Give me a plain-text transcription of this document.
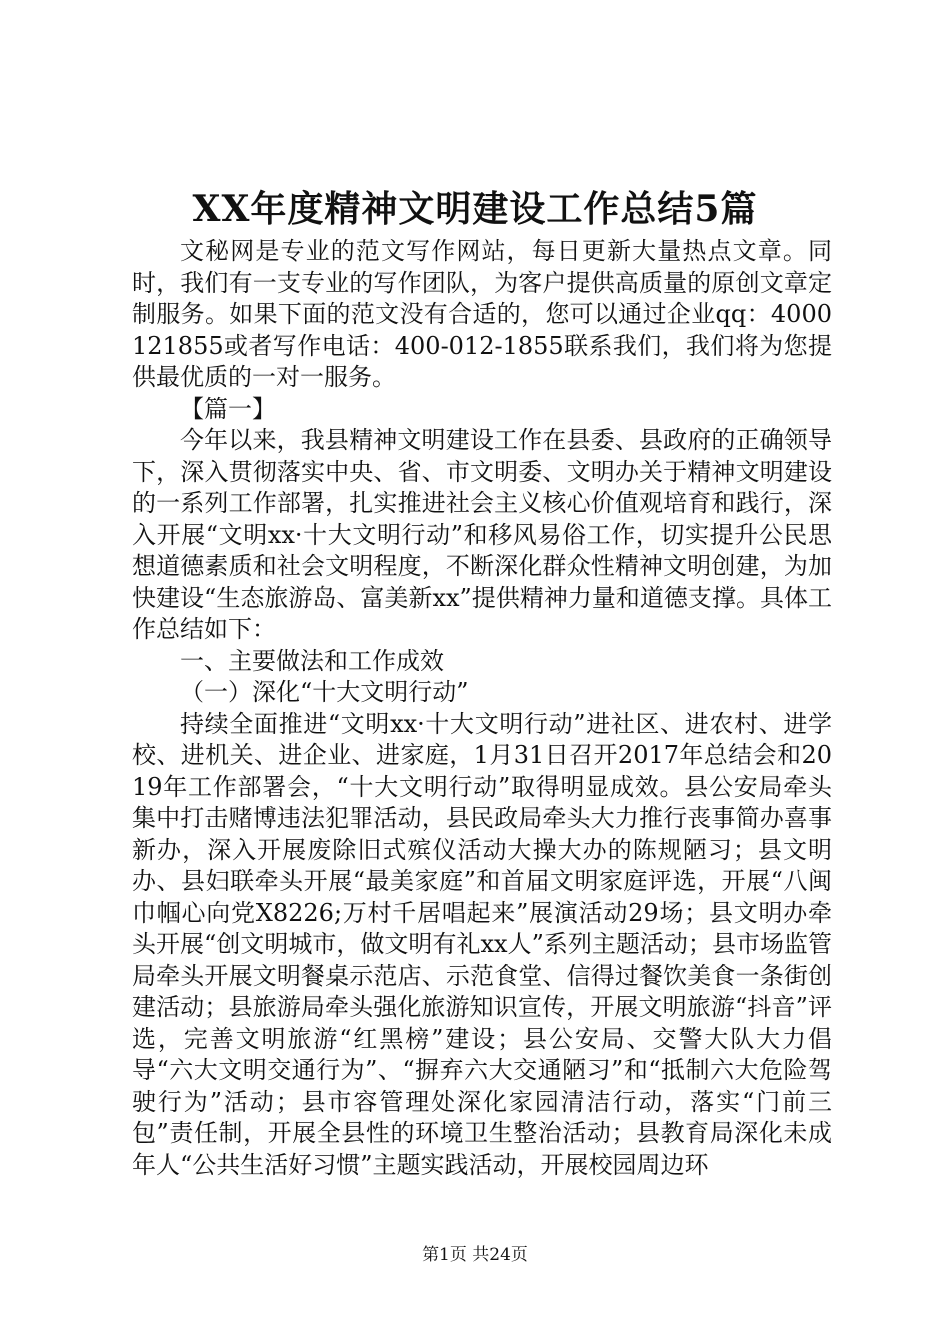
XX年度精神文明建设工作总结5篇

文秘网是专业的范文写作网站，每日更新大量热点文章。同时，我们有一支专业的写作团队，为客户提供高质量的原创文章定制服务。如果下面的范文没有合适的，您可以通过企业qq：4000121855或者写作电话：400-012-1855联系我们，我们将为您提供最优质的一对一服务。

【篇一】

今年以来，我县精神文明建设工作在县委、县政府的正确领导下，深入贯彻落实中央、省、市文明委、文明办关于精神文明建设的一系列工作部署，扎实推进社会主义核心价值观培育和践行，深入开展“文明xx·十大文明行动”和移风易俗工作，切实提升公民思想道德素质和社会文明程度，不断深化群众性精神文明创建，为加快建设“生态旅游岛、富美新xx”提供精神力量和道德支撑。具体工作总结如下：

一、主要做法和工作成效

（一）深化“十大文明行动”

持续全面推进“文明xx·十大文明行动”进社区、进农村、进学校、进机关、进企业、进家庭，1月31日召开2017年总结会和2019年工作部署会，“十大文明行动”取得明显成效。县公安局牵头集中打击赌博违法犯罪活动，县民政局牵头大力推行丧事简办喜事新办，深入开展废除旧式殡仪活动大操大办的陈规陋习；县文明办、县妇联牵头开展“最美家庭”和首届文明家庭评选，开展“八闽巾帼心向党X8226;万村千居唱起来”展演活动29场；县文明办牵头开展“创文明城市，做文明有礼xx人”系列主题活动；县市场监管局牵头开展文明餐桌示范店、示范食堂、信得过餐饮美食一条街创建活动；县旅游局牵头强化旅游知识宣传，开展文明旅游“抖音”评选，完善文明旅游“红黑榜”建设；县公安局、交警大队大力倡导“六大文明交通行为”、“摒弃六大交通陋习”和“抵制六大危险驾驶行为”活动；县市容管理处深化家园清洁行动，落实“门前三包”责任制，开展全县性的环境卫生整治活动；县教育局深化未成年人“公共生活好习惯”主题实践活动，开展校园周边环

第1页 共24页
